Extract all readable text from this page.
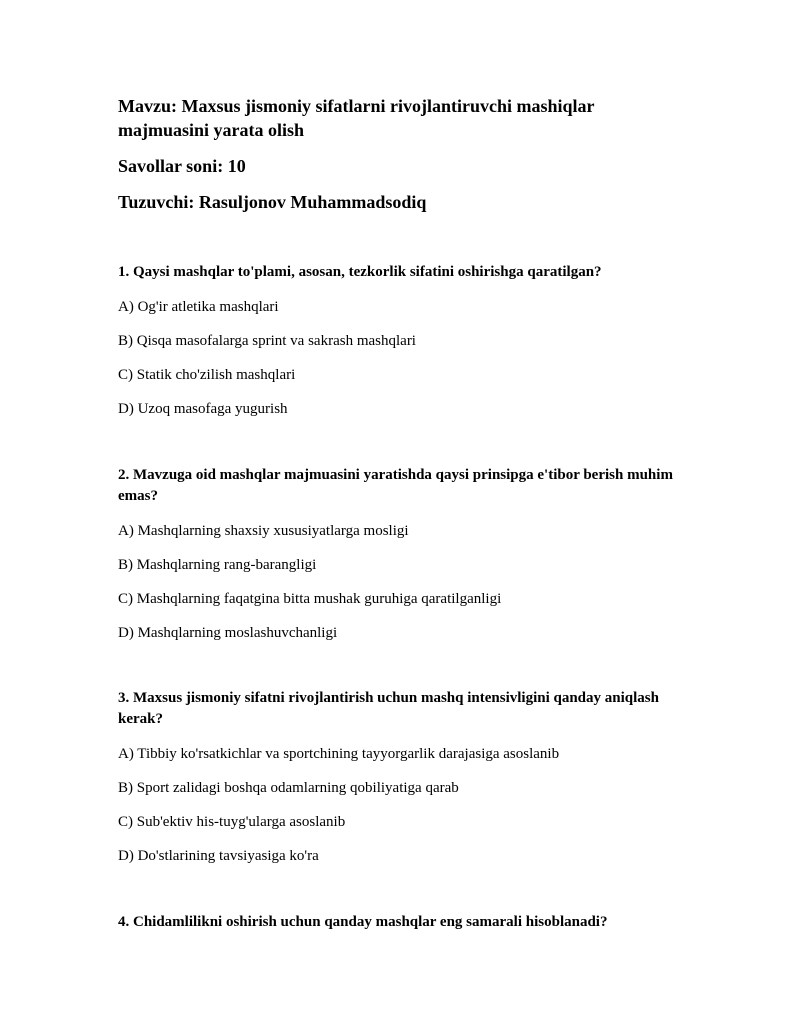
Mavzu: Maxsus jismoniy sifatlarni rivojlantiruvchi mashiqlar majmuasini yarata olish

Savollar soni: 10

Tuzuvchi: Rasuljonov Muhammadsodiq

1. Qaysi mashqlar to'plami, asosan, tezkorlik sifatini oshirishga qaratilgan?

A) Og'ir atletika mashqlari

B) Qisqa masofalarga sprint va sakrash mashqlari

C) Statik cho'zilish mashqlari

D) Uzoq masofaga yugurish

2. Mavzuga oid mashqlar majmuasini yaratishda qaysi prinsipga e'tibor berish muhim emas?

A) Mashqlarning shaxsiy xususiyatlarga mosligi

B) Mashqlarning rang-barangligi

C) Mashqlarning faqatgina bitta mushak guruhiga qaratilganligi

D) Mashqlarning moslashuvchanligi

3. Maxsus jismoniy sifatni rivojlantirish uchun mashq intensivligini qanday aniqlash kerak?

A) Tibbiy ko'rsatkichlar va sportchining tayyorgarlik darajasiga asoslanib

B) Sport zalidagi boshqa odamlarning qobiliyatiga qarab

C) Sub'ektiv his-tuyg'ularga asoslanib

D) Do'stlarining tavsiyasiga ko'ra

4. Chidamlilikni oshirish uchun qanday mashqlar eng samarali hisoblanadi?
